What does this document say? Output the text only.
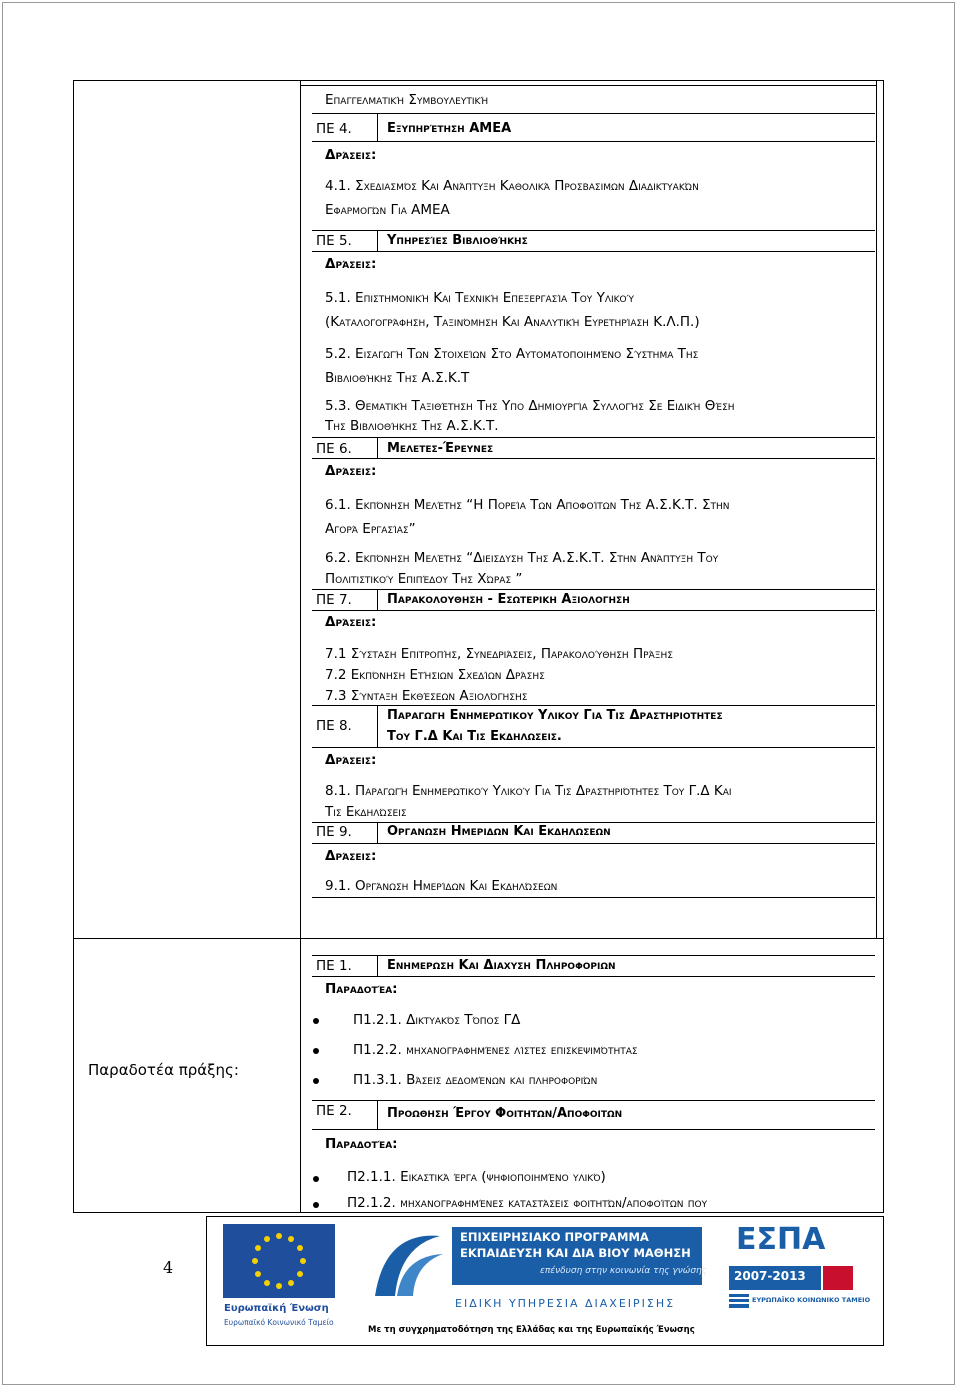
Επαγγελματική Συμβουλευτική
ΠΕ 4.	Εξυπηρέτηση ΑΜΕΑ
Δράσεις:
4.1. Σχεδιασμός Και Ανάπτυξη Καθολικά Προσβασιμων Διαδικτυακών
Εφαρμογών Για ΑΜΕΑ
ΠΕ 5.	Υπηρεσίες Βιβλιοθήκης
Δράσεις:
5.1. Επιστημονική Και Τεχνική Επεξεργασία Του Υλικού
(Καταλογογράφηση, Ταξινόμηση Και Αναλυτική Ευρετηρίαση Κ.Λ.Π.)
5.2. Εισαγωγή Των Στοιχείων Στο Αυτοματοποιημένο Σύστημα Της
Βιβλιοθήκης Της Α.Σ.Κ.Τ
5.3. Θεματική Ταξιθέτηση Της Υπο Δημιουργία Συλλογής Σε Ειδική Θέση
Της Βιβλιοθήκης Της Α.Σ.Κ.Τ.
ΠΕ 6.	Μελετες-Έρευνες
Δράσεις:
6.1. Εκπόνηση Μελέτης “Η Πορεία Των Αποφοίτων Της Α.Σ.Κ.Τ. Στην
Αγορά Εργασίας”
6.2. Εκπόνηση Μελέτης “Διεισδυση Της Α.Σ.Κ.Τ. Στην Ανάπτυξη Του
Πολιτιστικού Επιπέδου Της Χώρας ”
ΠΕ 7.	Παρακολουθηση - Εσωτερικη Αξιολογηση
Δράσεις:
7.1 Σύσταση Επιτροπής, Συνεδριάσεις, Παρακολούθηση Πράξης
7.2 Εκπόνηση Ετήσιων Σχεδίων Δράσης
7.3 Σύνταξη Εκθέσεων Αξιολόγησης
ΠΕ 8.
Παραγωγη Ενημερωτικου Υλικου Για Τις Δραστηριοτητες
Του Γ.Δ Και Τις Εκδηλωσεις.
Δράσεις:
8.1. Παραγωγή Ενημερωτικού Υλικού Για Τις Δραστηριότητες Του Γ.Δ Και
Τις Εκδηλώσεις
ΠΕ 9.	Οργανωση Ημεριδων Και Εκδηλωσεων
Δράσεις:
9.1. Οργάνωση Ημερίδων Και Εκδηλώσεων
Παραδοτέα πράξης:
ΠΕ 1.	Ενημερωση Και Διαχυση Πληροφοριων
Παραδοτέα:
Π1.2.1. Δικτυακός Τόπος ΓΔ
Π1.2.2. μηχανογραφημένες λίστες επισκεψιμότητας
Π1.3.1. Βάσεις δεδομένων και πληροφοριών
ΠΕ 2.	Προωθηση Έργου Φοιτητων/Αποφοιτων
Παραδοτέα:
Π2.1.1. Εικαστικά έργα (ψηφιοποιημένο υλικό)
Π2.1.2. μηχανογραφημένες καταστάσεις φοιτητών/αποφοίτων που
4
Ευρωπαϊκή Ένωση
Ευρωπαϊκό Κοινωνικό Ταμείο
ΕΠΙΧΕΙΡΗΣΙΑΚΟ ΠΡΟΓΡΑΜΜΑ
ΕΚΠΑΙΔΕΥΣΗ ΚΑΙ ΔΙΑ ΒΙΟΥ ΜΑΘΗΣΗ
επένδυση στην κοινωνία της γνώσης
ΕΙΔΙΚΗ ΥΠΗΡΕΣΙΑ ΔΙΑΧΕΙΡΙΣΗΣ
Με τη συγχρηματοδότηση της Ελλάδας και της Ευρωπαϊκής Ένωσης
ΕΣΠΑ
2007-2013
ΕΥΡΩΠΑΪΚΟ ΚΟΙΝΩΝΙΚΟ ΤΑΜΕΙΟ
